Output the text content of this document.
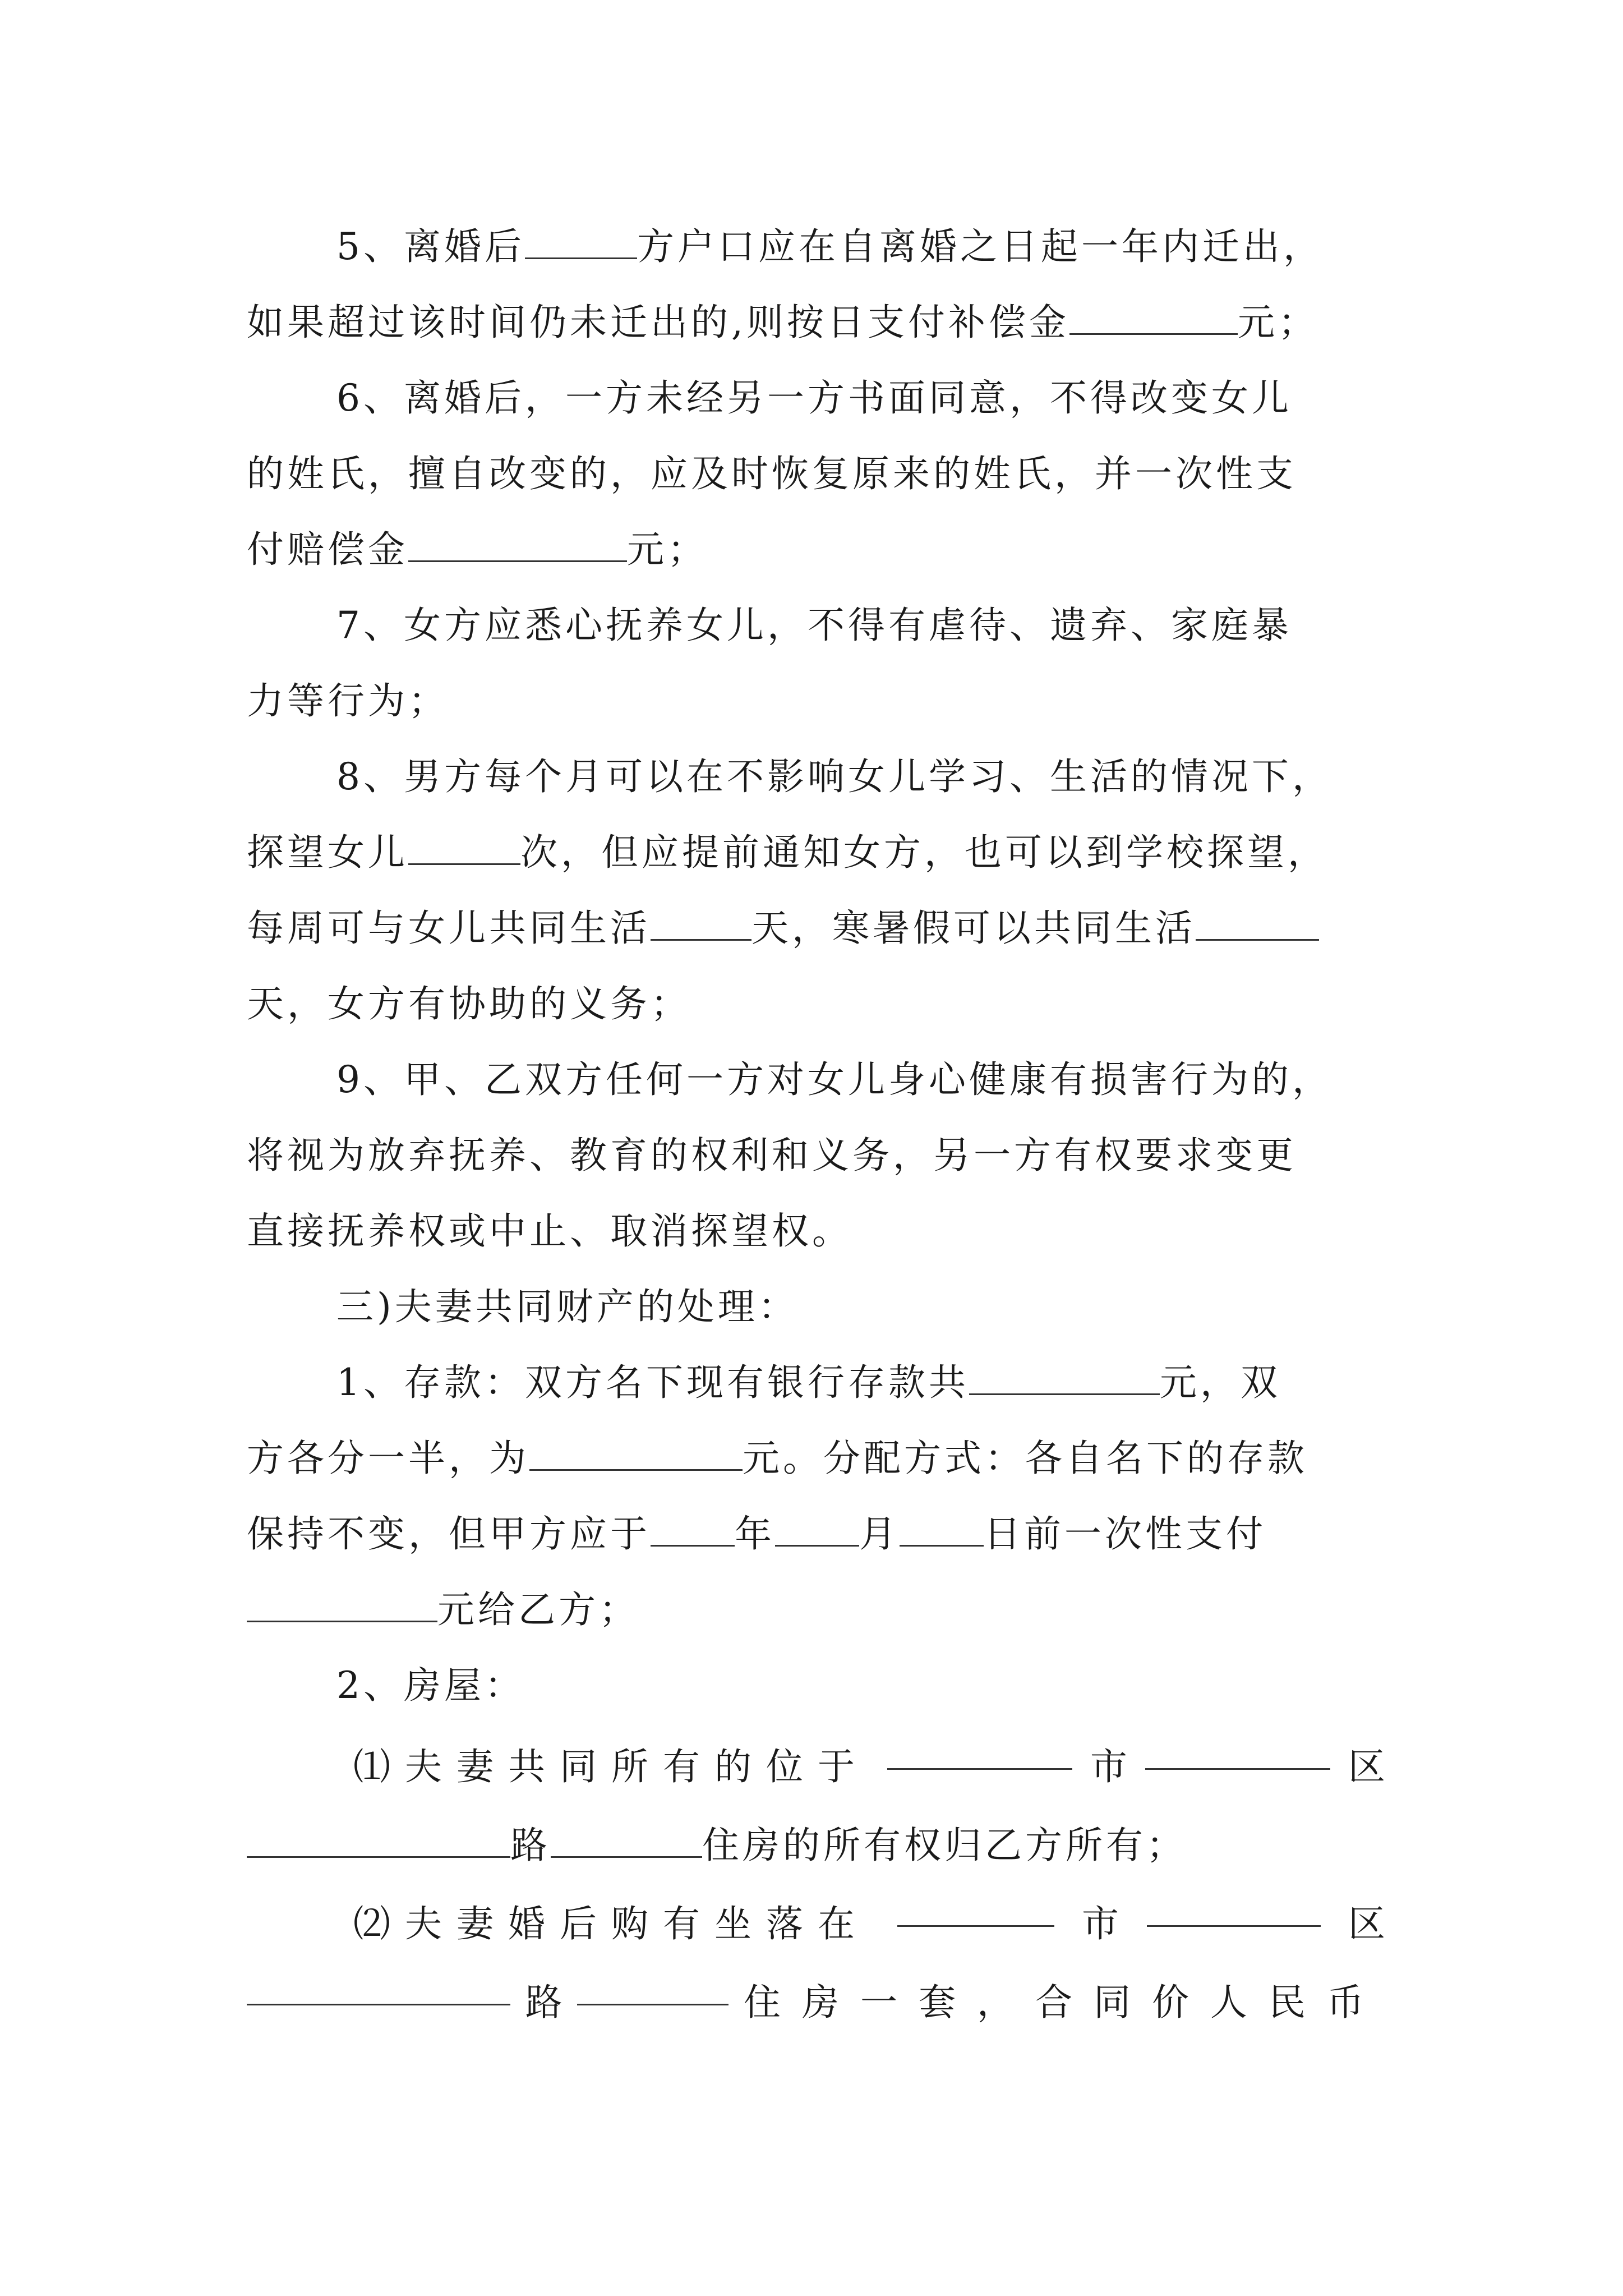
5、离婚后	方户口应在自离婚之日起一年内迁出，
如果超过该时间仍未迁出的,则按日支付补偿金	元；
6、离婚后，一方未经另一方书面同意，不得改变女儿
的姓氏，擅自改变的，应及时恢复原来的姓氏，并一次性支
付赔偿金	元；
7、女方应悉心抚养女儿，不得有虐待、遗弃、家庭暴
力等行为；
8、男方每个月可以在不影响女儿学习、生活的情况下，
探望女儿	次，但应提前通知女方，也可以到学校探望，
每周可与女儿共同生活	天，寒暑假可以共同生活
天，女方有协助的义务；
9、甲、乙双方任何一方对女儿身心健康有损害行为的，
将视为放弃抚养、教育的权利和义务，另一方有权要求变更
直接抚养权或中止、取消探望权。
三)夫妻共同财产的处理：
1、存款：双方名下现有银行存款共	元，双
方各分一半，为	元。分配方式：各自名下的存款
保持不变，但甲方应于 年 月 日前一次性支付
元给乙方；
2、房屋：
⑴夫妻共同所有的位于	市	区
路	住房的所有权归乙方所有；
⑵夫妻婚后购有坐落在	市	区
路	住房一套，合同价人民币
